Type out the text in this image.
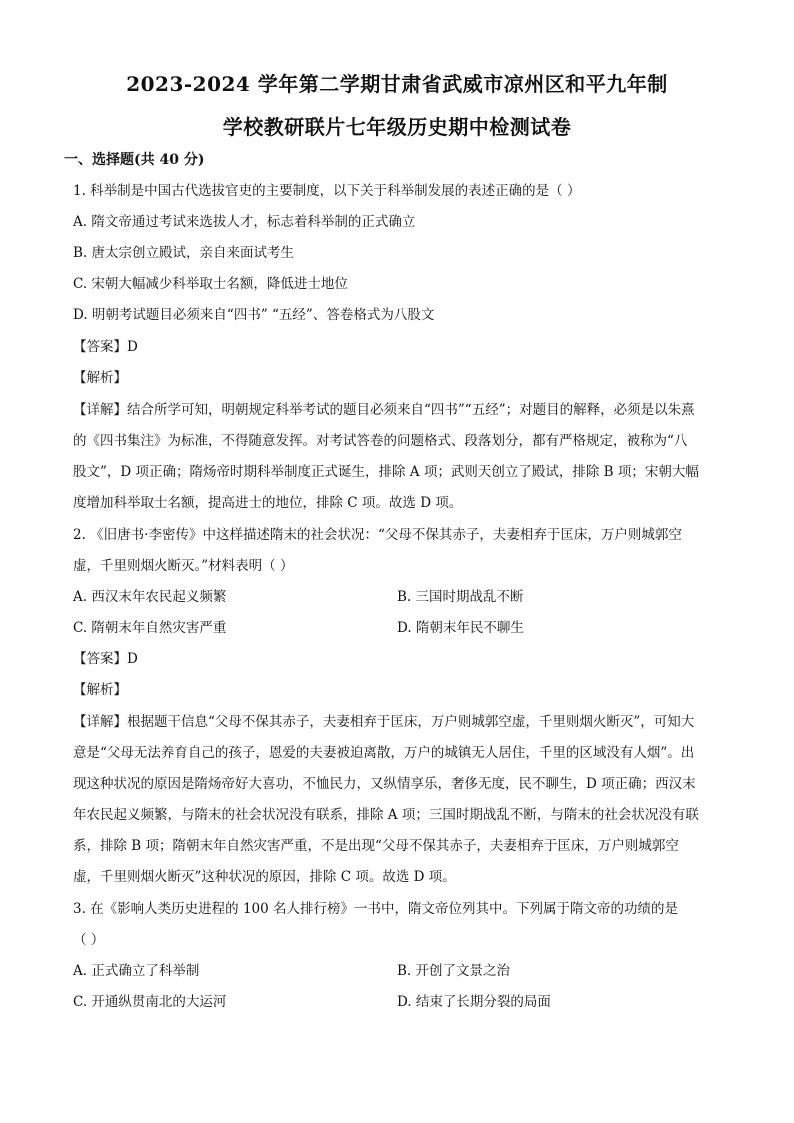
2023-2024 学年第二学期甘肃省武威市凉州区和平九年制
学校教研联片七年级历史期中检测试卷
一、选择题(共 40 分)
1. 科举制是中国古代选拔官吏的主要制度，以下关于科举制发展的表述正确的是（ ）
A. 隋文帝通过考试来选拔人才，标志着科举制的正式确立
B. 唐太宗创立殿试，亲自来面试考生
C. 宋朝大幅减少科举取士名额，降低进士地位
D. 明朝考试题目必须来自“四书” “五经”、答卷格式为八股文
【答案】D
【解析】
【详解】结合所学可知，明朝规定科举考试的题目必须来自“四书”“五经”；对题目的解释，必须是以朱熹
的《四书集注》为标准，不得随意发挥。对考试答卷的问题格式、段落划分，都有严格规定，被称为“八
股文”，D 项正确；隋炀帝时期科举制度正式诞生，排除 A 项；武则天创立了殿试，排除 B 项；宋朝大幅
度增加科举取士名额，提高进士的地位，排除 C 项。故选 D 项。
2. 《旧唐书·李密传》中这样描述隋末的社会状况：“父母不保其赤子，夫妻相弃于匡床，万户则城郭空
虚，千里则烟火断灭。”材料表明（ ）
A. 西汉末年农民起义频繁	B. 三国时期战乱不断
C. 隋朝末年自然灾害严重	D. 隋朝末年民不聊生
【答案】D
【解析】
【详解】根据题干信息“父母不保其赤子，夫妻相弃于匡床，万户则城郭空虚，千里则烟火断灭”，可知大
意是“父母无法养育自己的孩子，恩爱的夫妻被迫离散，万户的城镇无人居住，千里的区域没有人烟”。出
现这种状况的原因是隋炀帝好大喜功，不恤民力，又纵情享乐，奢侈无度，民不聊生，D 项正确；西汉末
年农民起义频繁，与隋末的社会状况没有联系，排除 A 项；三国时期战乱不断，与隋末的社会状况没有联
系，排除 B 项；隋朝末年自然灾害严重，不是出现“父母不保其赤子，夫妻相弃于匡床，万户则城郭空
虚，千里则烟火断灭”这种状况的原因，排除 C 项。故选 D 项。
3. 在《影响人类历史进程的 100 名人排行榜》一书中，隋文帝位列其中。下列属于隋文帝的功绩的是
（ ）
A. 正式确立了科举制	B. 开创了文景之治
C. 开通纵贯南北的大运河	D. 结束了长期分裂的局面
